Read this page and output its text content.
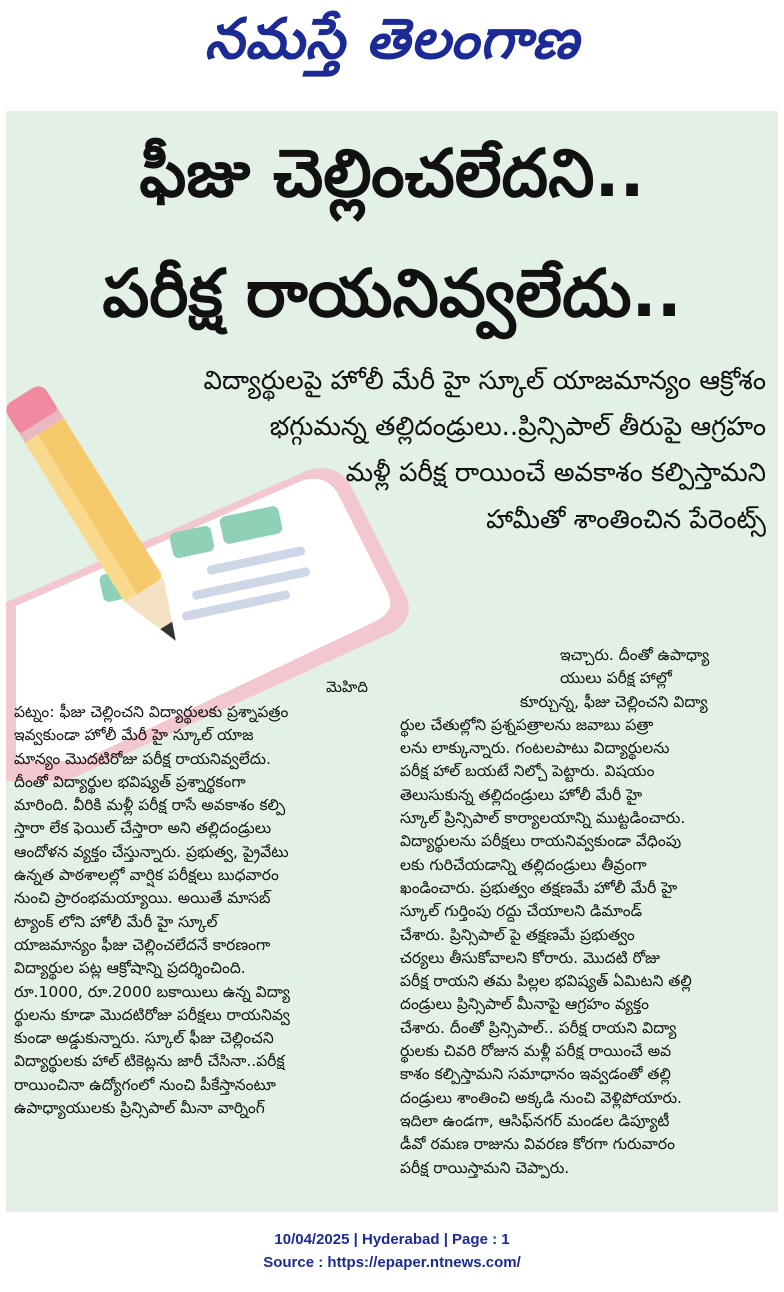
నమస్తే తెలంగాణ
ఫీజు చెల్లించలేదని..
పరీక్ష రాయనివ్వలేదు..
విద్యార్థులపై హోలీ మేరీ హై స్కూల్ యాజమాన్యం ఆక్రోశం
భగ్గుమన్న తల్లిదండ్రులు..ప్రిన్సిపాల్ తీరుపై ఆగ్రహం
మళ్లీ పరీక్ష రాయించే అవకాశం కల్పిస్తామని
హామీతో శాంతించిన పేరెంట్స్
మెహిది
పట్నం: ఫీజు చెల్లించని విద్యార్థులకు ప్రశ్నాపత్రం
ఇవ్వకుండా హోలీ మేరీ హై స్కూల్ యాజ
మాన్యం మొదటిరోజు పరీక్ష రాయనివ్వలేదు.
దీంతో విద్యార్థుల భవిష్యత్ ప్రశ్నార్థకంగా
మారింది. వీరికి మళ్లీ పరీక్ష రాసే అవకాశం కల్పి
స్తారా లేక ఫెయిల్ చేస్తారా అని తల్లిదండ్రులు
ఆందోళన వ్యక్తం చేస్తున్నారు. ప్రభుత్వ, ప్రైవేటు
ఉన్నత పాఠశాలల్లో వార్షిక పరీక్షలు బుధవారం
నుంచి ప్రారంభమయ్యాయి. అయితే మాసబ్
ట్యాంక్ లోని హోలీ మేరీ హై స్కూల్
యాజమాన్యం ఫీజు చెల్లించలేదనే కారణంగా
విద్యార్థుల పట్ల ఆక్రోషాన్ని ప్రదర్శించింది.
రూ.1000, రూ.2000 బకాయిలు ఉన్న విద్యా
ర్థులను కూడా మొదటిరోజు పరీక్షలు రాయనివ్వ
కుండా అడ్డుకున్నారు. స్కూల్ ఫీజు చెల్లించని
విద్యార్థులకు హాల్ టికెట్లను జారీ చేసినా..పరీక్ష
రాయించినా ఉద్యోగంలో నుంచి పీకేస్తానంటూ
ఉపాధ్యాయులకు ప్రిన్సిపాల్ మీనా వార్నింగ్
ఇచ్చారు. దీంతో ఉపాధ్యా
యులు పరీక్ష హాల్లో
కూర్చున్న, ఫీజు చెల్లించని విద్యా
ర్థుల చేతుల్లోని ప్రశ్నపత్రాలను జవాబు పత్రా
లను లాక్కున్నారు. గంటలపాటు విద్యార్థులను
పరీక్ష హాల్ బయటే నిల్చో పెట్టారు. విషయం
తెలుసుకున్న తల్లిదండ్రులు హోలీ మేరీ హై
స్కూల్ ప్రిన్సిపాల్ కార్యాలయాన్ని ముట్టడించారు.
విద్యార్థులను పరీక్షలు రాయనివ్వకుండా వేధింపు
లకు గురిచేయడాన్ని తల్లిదండ్రులు తీవ్రంగా
ఖండించారు. ప్రభుత్వం తక్షణమే హోలీ మేరీ హై
స్కూల్ గుర్తింపు రద్దు చేయాలని డిమాండ్
చేశారు. ప్రిన్సిపాల్ పై తక్షణమే ప్రభుత్వం
చర్యలు తీసుకోవాలని కోరారు. మొదటి రోజు
పరీక్ష రాయని తమ పిల్లల భవిష్యత్ ఏమిటని తల్లి
దండ్రులు ప్రిన్సిపాల్ మీనాపై ఆగ్రహం వ్యక్తం
చేశారు. దీంతో ప్రిన్సిపాల్.. పరీక్ష రాయని విద్యా
ర్థులకు చివరి రోజున మళ్లీ పరీక్ష రాయించే అవ
కాశం కల్పిస్తామని సమాధానం ఇవ్వడంతో తల్లి
దండ్రులు శాంతించి అక్కడి నుంచి వెళ్లిపోయారు.
ఇదిలా ఉండగా, ఆసిఫ్‌నగర్ మండల డిప్యూటీ
డీవో రమణ రాజును వివరణ కోరగా గురువారం
పరీక్ష రాయిస్తామని చెప్పారు.
10/04/2025 | Hyderabad | Page : 1
Source : https://epaper.ntnews.com/
